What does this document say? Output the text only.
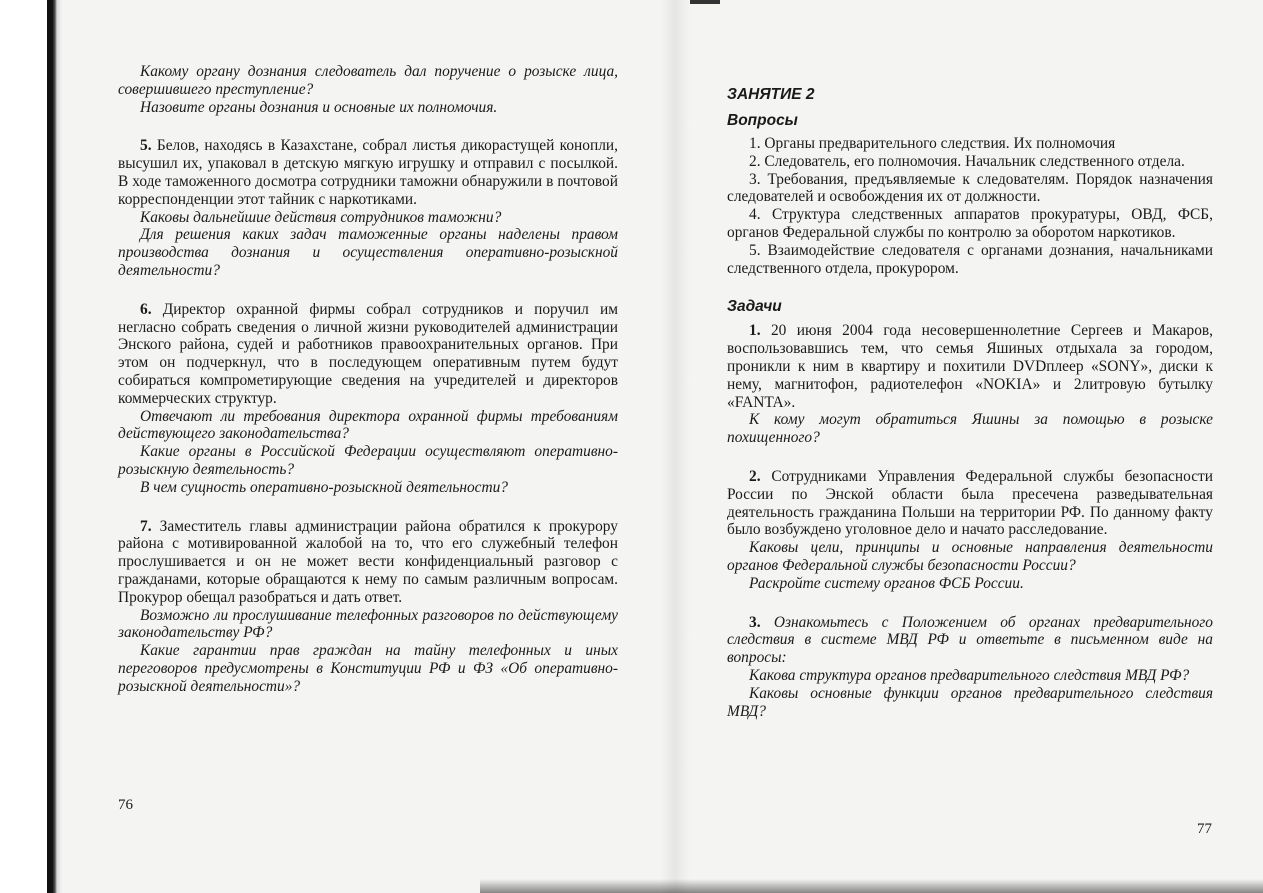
Какому органу дознания следователь дал поручение о розыске лица, совершившего преступление?

Назовите органы дознания и основные их полномочия.

5. Белов, находясь в Казахстане, собрал листья дикорастущей конопли, высушил их, упаковал в детскую мягкую игрушку и отправил с посылкой. В ходе таможенного досмотра сотрудники таможни обнаружили в почтовой корреспонденции этот тайник с наркотиками.

Каковы дальнейшие действия сотрудников таможни?

Для решения каких задач таможенные органы наделены правом производства дознания и осуществления оперативно-розыскной деятельности?

6. Директор охранной фирмы собрал сотрудников и поручил им негласно собрать сведения о личной жизни руководителей администрации Энского района, судей и работников правоохранительных органов. При этом он подчеркнул, что в последующем оперативным путем будут собираться компрометирующие сведения на учредителей и директоров коммерческих структур.

Отвечают ли требования директора охранной фирмы требованиям действующего законодательства?

Какие органы в Российской Федерации осуществляют оперативно-розыскную деятельность?

В чем сущность оперативно-розыскной деятельности?

7. Заместитель главы администрации района обратился к прокурору района с мотивированной жалобой на то, что его служебный телефон прослушивается и он не может вести конфиденциальный разговор с гражданами, которые обращаются к нему по самым различным вопросам. Прокурор обещал разобраться и дать ответ.

Возможно ли прослушивание телефонных разговоров по действующему законодательству РФ?

Какие гарантии прав граждан на тайну телефонных и иных переговоров предусмотрены в Конституции РФ и ФЗ «Об оперативно-розыскной деятельности»?

76

ЗАНЯТИЕ 2

Вопросы

1. Органы предварительного следствия. Их полномочия

2. Следователь, его полномочия. Начальник следственного отдела.

3. Требования, предъявляемые к следователям. Порядок назначения следователей и освобождения их от должности.

4. Структура следственных аппаратов прокуратуры, ОВД, ФСБ, органов Федеральной службы по контролю за оборотом наркотиков.

5. Взаимодействие следователя с органами дознания, начальниками следственного отдела, прокурором.

Задачи

1. 20 июня 2004 года несовершеннолетние Сергеев и Макаров, воспользовавшись тем, что семья Яшиных отдыхала за городом, проникли к ним в квартиру и похитили DVDплеер «SONY», диски к нему, магнитофон, радиотелефон «NOKIA» и 2литровую бутылку «FANTA».

К кому могут обратиться Яшины за помощью в розыске похищенного?

2. Сотрудниками Управления Федеральной службы безопасности России по Энской области была пресечена разведывательная деятельность гражданина Польши на территории РФ. По данному факту было возбуждено уголовное дело и начато расследование.

Каковы цели, принципы и основные направления деятельности органов Федеральной службы безопасности России?

Раскройте систему органов ФСБ России.

3. Ознакомьтесь с Положением об органах предварительного следствия в системе МВД РФ и ответьте в письменном виде на вопросы:

Какова структура органов предварительного следствия МВД РФ?

Каковы основные функции органов предварительного следствия МВД?

77
